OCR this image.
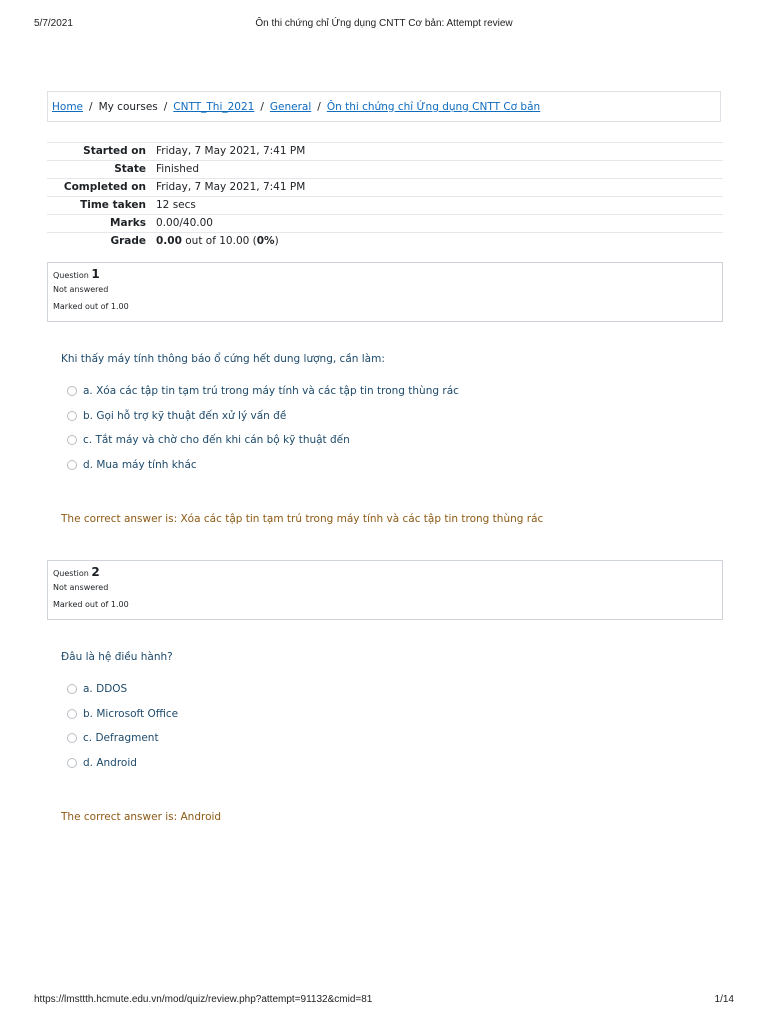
5/7/2021	Ôn thi chứng chỉ Ứng dụng CNTT Cơ bản: Attempt review
Home / My courses / CNTT_Thi_2021 / General / Ôn thi chứng chỉ Ứng dụng CNTT Cơ bản
Started on	Friday, 7 May 2021, 7:41 PM
State	Finished
Completed on	Friday, 7 May 2021, 7:41 PM
Time taken	12 secs
Marks	0.00/40.00
Grade	0.00 out of 10.00 (0%)
Question 1
Not answered
Marked out of 1.00
Khi thấy máy tính thông báo ổ cứng hết dung lượng, cần làm:
a. Xóa các tập tin tạm trú trong máy tính và các tập tin trong thùng rác
b. Gọi hỗ trợ kỹ thuật đến xử lý vấn đề
c. Tắt máy và chờ cho đến khi cán bộ kỹ thuật đến
d. Mua máy tính khác
The correct answer is: Xóa các tập tin tạm trú trong máy tính và các tập tin trong thùng rác
Question 2
Not answered
Marked out of 1.00
Đâu là hệ điều hành?
a. DDOS
b. Microsoft Office
c. Defragment
d. Android
The correct answer is: Android
https://lmsttth.hcmute.edu.vn/mod/quiz/review.php?attempt=91132&cmid=81	1/14
